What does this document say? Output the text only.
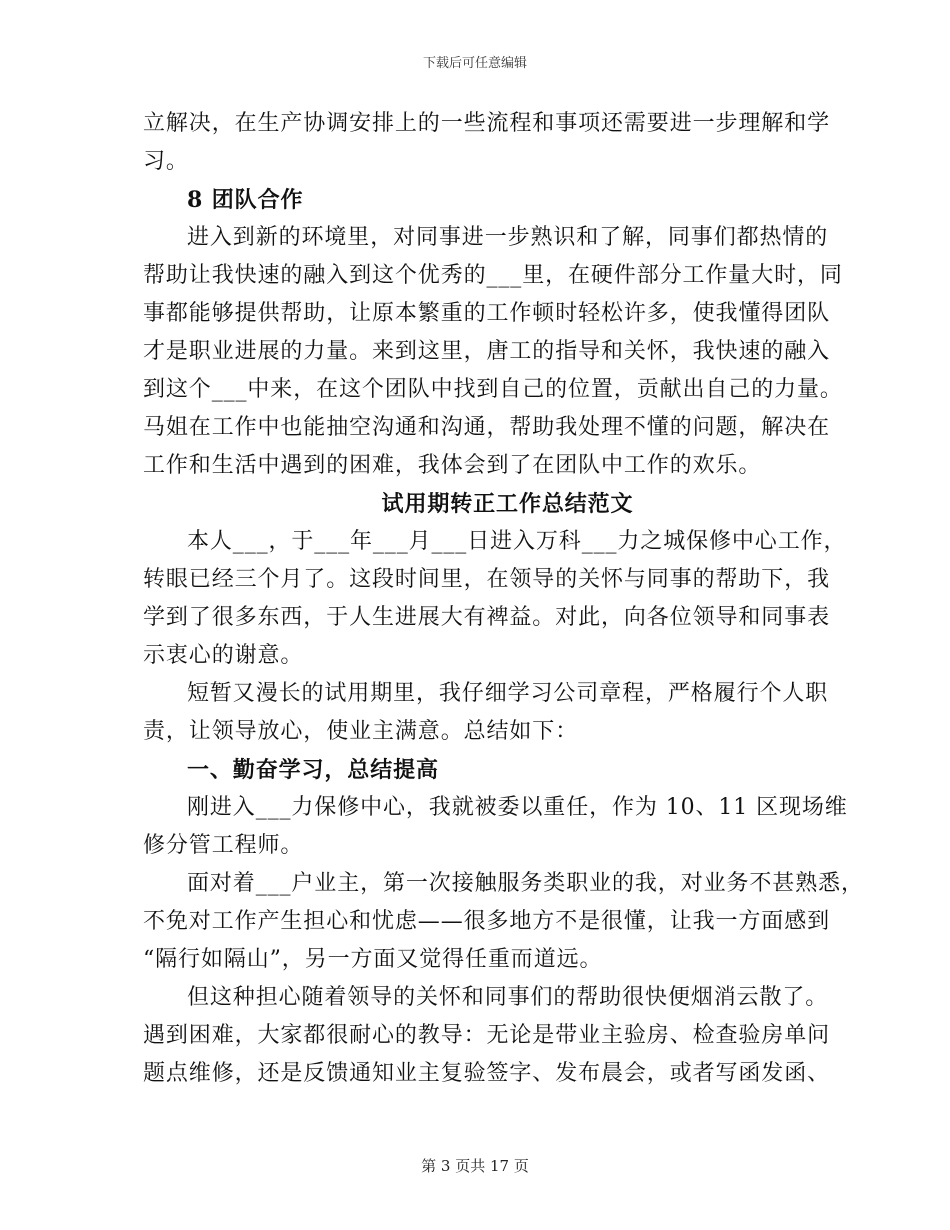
下载后可任意编辑
立解决，在生产协调安排上的一些流程和事项还需要进一步理解和学
习。
8 团队合作
进入到新的环境里，对同事进一步熟识和了解，同事们都热情的
帮助让我快速的融入到这个优秀的___里，在硬件部分工作量大时，同
事都能够提供帮助，让原本繁重的工作顿时轻松许多，使我懂得团队
才是职业进展的力量。来到这里，唐工的指导和关怀，我快速的融入
到这个___中来，在这个团队中找到自己的位置，贡献出自己的力量。
马姐在工作中也能抽空沟通和沟通，帮助我处理不懂的问题，解决在
工作和生活中遇到的困难，我体会到了在团队中工作的欢乐。
试用期转正工作总结范文
本人___，于___年___月___日进入万科___力之城保修中心工作，
转眼已经三个月了。这段时间里，在领导的关怀与同事的帮助下，我
学到了很多东西，于人生进展大有裨益。对此，向各位领导和同事表
示衷心的谢意。
短暂又漫长的试用期里，我仔细学习公司章程，严格履行个人职
责，让领导放心，使业主满意。总结如下：
一、勤奋学习，总结提高
刚进入___力保修中心，我就被委以重任，作为 10、11 区现场维
修分管工程师。
面对着___户业主，第一次接触服务类职业的我，对业务不甚熟悉，
不免对工作产生担心和忧虑——很多地方不是很懂，让我一方面感到
“隔行如隔山”，另一方面又觉得任重而道远。
但这种担心随着领导的关怀和同事们的帮助很快便烟消云散了。
遇到困难，大家都很耐心的教导：无论是带业主验房、检查验房单问
题点维修，还是反馈通知业主复验签字、发布晨会，或者写函发函、
第 3 页共 17 页
